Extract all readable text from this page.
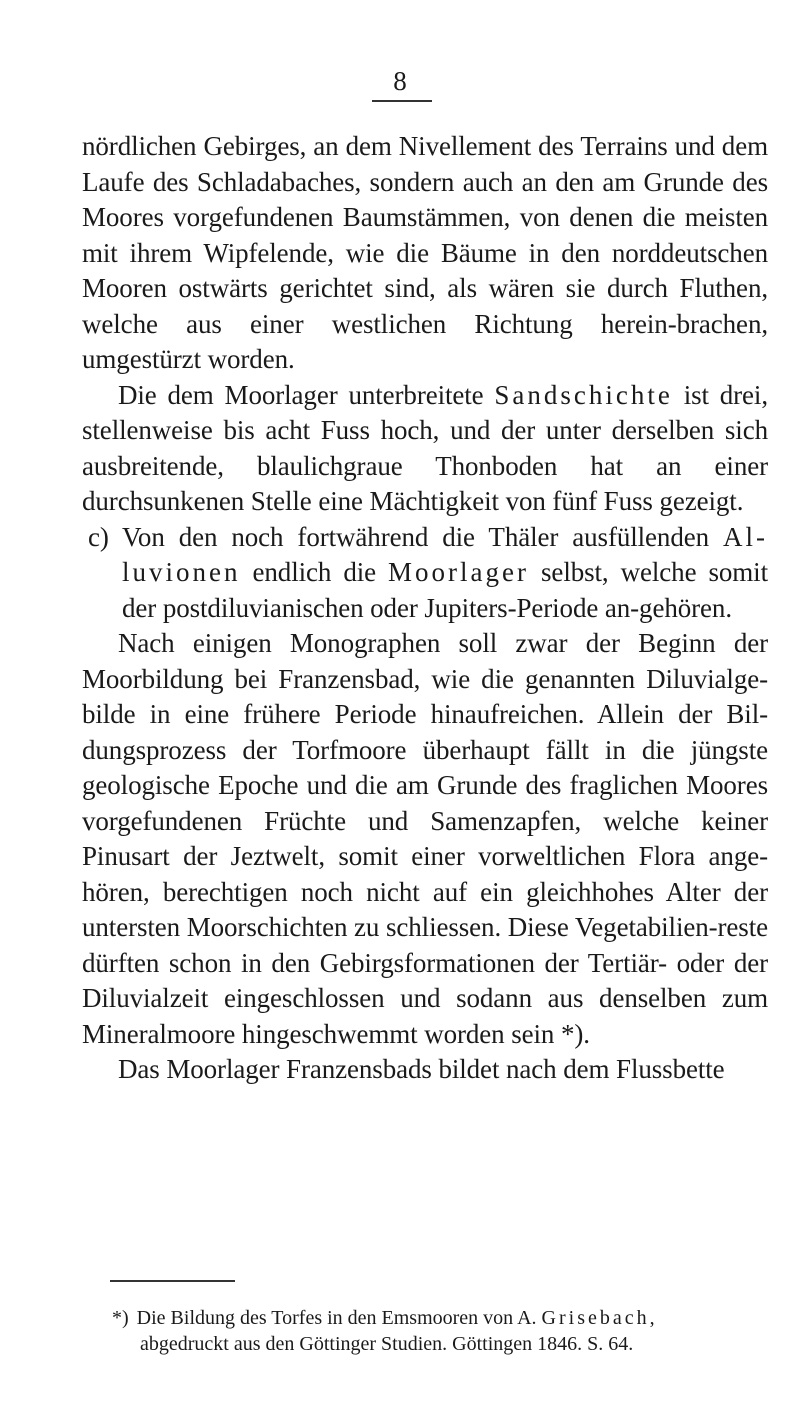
8

nördlichen Gebirges, an dem Nivellement des Terrains und dem Laufe des Schladabaches, sondern auch an den am Grunde des Moores vorgefundenen Baumstämmen, von denen die meisten mit ihrem Wipfelende, wie die Bäume in den norddeutschen Mooren ostwärts gerichtet sind, als wären sie durch Fluthen, welche aus einer westlichen Richtung herein-brachen, umgestürzt worden.

Die dem Moorlager unterbreitete Sandschichte ist drei, stellenweise bis acht Fuss hoch, und der unter derselben sich ausbreitende, blaulichgraue Thonboden hat an einer durchsunkenen Stelle eine Mächtigkeit von fünf Fuss gezeigt.

c) Von den noch fortwährend die Thäler ausfüllenden Al-luvionen endlich die Moorlager selbst, welche somit der postdiluvianischen oder Jupiters-Periode an-gehören.

Nach einigen Monographen soll zwar der Beginn der Moorbildung bei Franzensbad, wie die genannten Diluvialge-bilde in eine frühere Periode hinaufreichen. Allein der Bil-dungsprozess der Torfmoore überhaupt fällt in die jüngste geologische Epoche und die am Grunde des fraglichen Moores vorgefundenen Früchte und Samenzapfen, welche keiner Pinusart der Jeztwelt, somit einer vorweltlichen Flora ange-hören, berechtigen noch nicht auf ein gleichhohes Alter der untersten Moorschichten zu schliessen. Diese Vegetabilien-reste dürften schon in den Gebirgsformationen der Tertiär- oder der Diluvialzeit eingeschlossen und sodann aus denselben zum Mineralmoore hingeschwemmt worden sein *).

Das Moorlager Franzensbads bildet nach dem Flussbette

*) Die Bildung des Torfes in den Emsmooren von A. Grisebach,
abgedruckt aus den Göttinger Studien. Göttingen 1846. S. 64.
